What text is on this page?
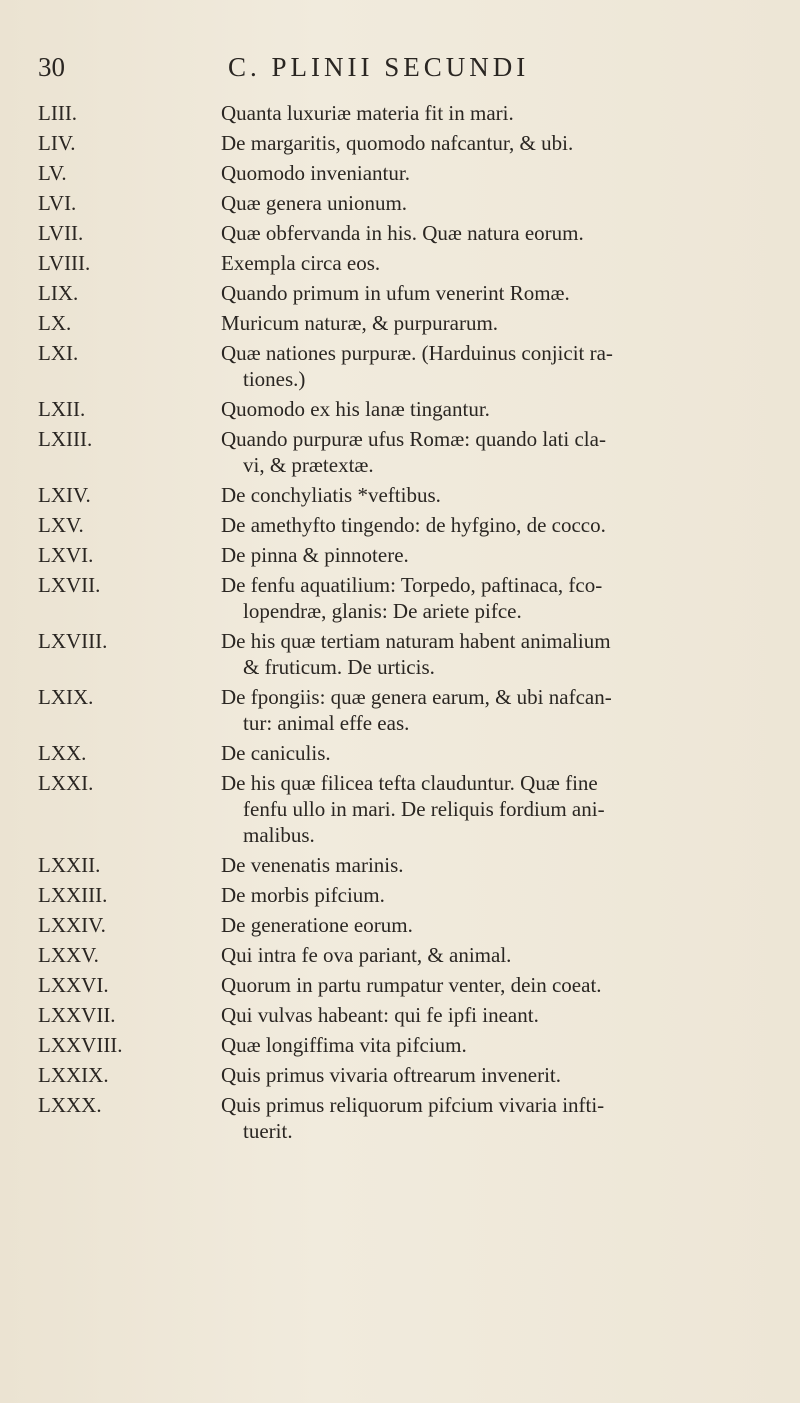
30	C. PLINII SECUNDI
LIII.	Quanta luxuriæ materia fit in mari.
LIV.	De margaritis, quomodo nafcantur, & ubi.
LV.	Quomodo inveniantur.
LVI.	Quæ genera unionum.
LVII.	Quæ obfervanda in his. Quæ natura eorum.
LVIII.	Exempla circa eos.
LIX.	Quando primum in ufum venerint Romæ.
LX.	Muricum naturæ, & purpurarum.
LXI.	Quæ nationes purpuræ. (Harduinus conjicit ra-
tiones.)
LXII.	Quomodo ex his lanæ tingantur.
LXIII.	Quando purpuræ ufus Romæ: quando lati cla-
vi, & prætextæ.
LXIV.	De conchyliatis *veftibus.
LXV.	De amethyfto tingendo: de hyfgino, de cocco.
LXVI.	De pinna & pinnotere.
LXVII.	De fenfu aquatilium: Torpedo, paftinaca, fco-
lopendræ, glanis: De ariete pifce.
LXVIII.	De his quæ tertiam naturam habent animalium
& fruticum. De urticis.
LXIX.	De fpongiis: quæ genera earum, & ubi nafcan-
tur: animal effe eas.
LXX.	De caniculis.
LXXI.	De his quæ filicea tefta clauduntur. Quæ fine
fenfu ullo in mari. De reliquis fordium ani-
malibus.
LXXII.	De venenatis marinis.
LXXIII.	De morbis pifcium.
LXXIV.	De generatione eorum.
LXXV.	Qui intra fe ova pariant, & animal.
LXXVI.	Quorum in partu rumpatur venter, dein coeat.
LXXVII.	Qui vulvas habeant: qui fe ipfi ineant.
LXXVIII.	Quæ longiffima vita pifcium.
LXXIX.	Quis primus vivaria oftrearum invenerit.
LXXX.	Quis primus reliquorum pifcium vivaria infti-
tuerit.
